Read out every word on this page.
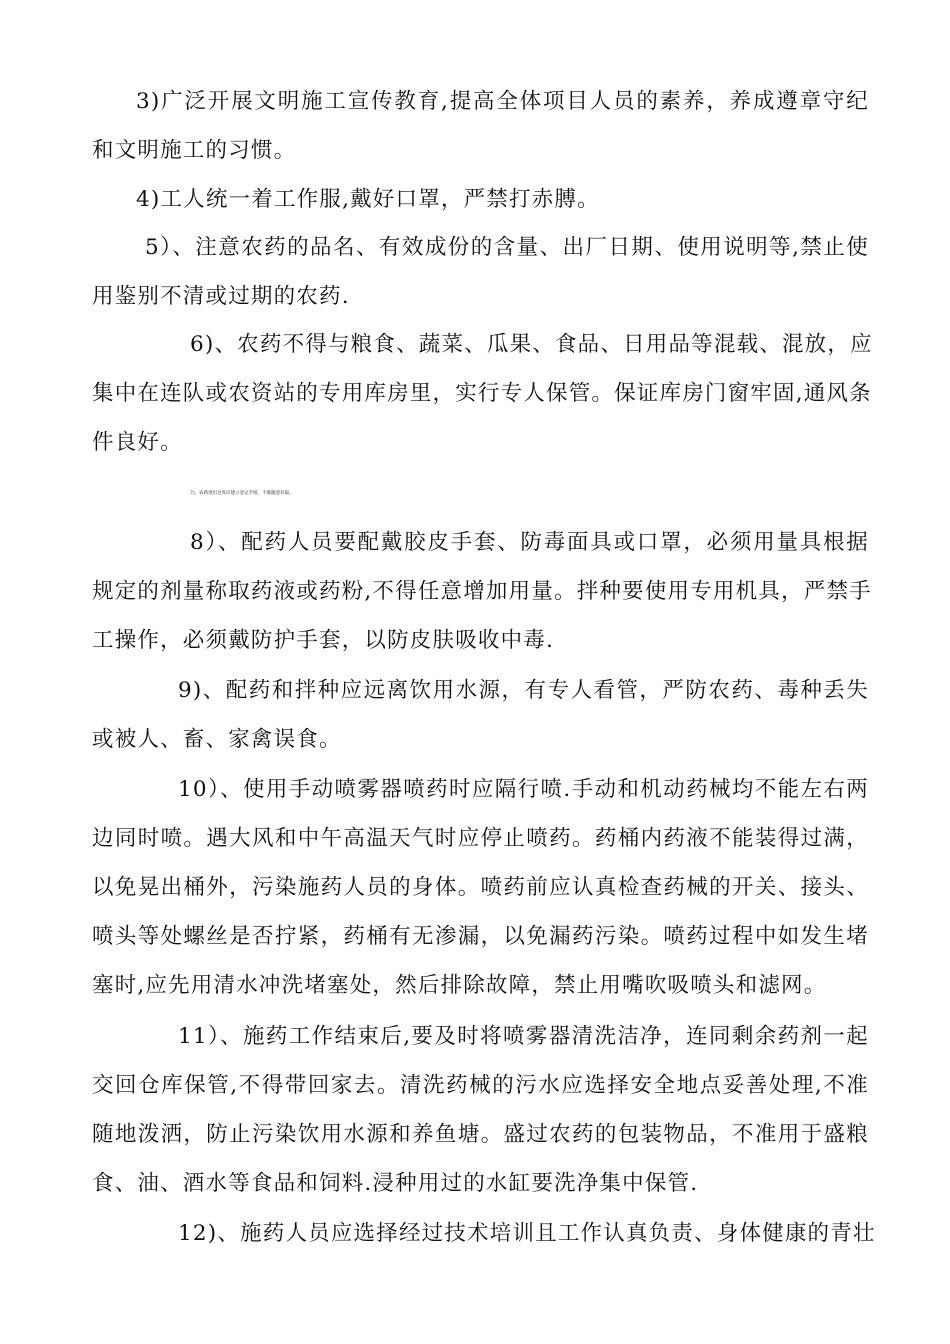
3)广泛开展文明施工宣传教育,提高全体项目人员的素养，养成遵章守纪
和文明施工的习惯。
4)工人统一着工作服,戴好口罩，严禁打赤膊。
5）、注意农药的品名、有效成份的含量、出厂日期、使用说明等,禁止使
用鉴别不清或过期的农药.
6)、农药不得与粮食、蔬菜、瓜果、食品、日用品等混载、混放，应
集中在连队或农资站的专用库房里，实行专人保管。保证库房门窗牢固,通风条
件良好。
7)、农药进出仓库应建立登记手续，不准随意存取。
8）、配药人员要配戴胶皮手套、防毒面具或口罩，必须用量具根据
规定的剂量称取药液或药粉,不得任意增加用量。拌种要使用专用机具，严禁手
工操作，必须戴防护手套，以防皮肤吸收中毒.
9)、配药和拌种应远离饮用水源，有专人看管，严防农药、毒种丢失
或被人、畜、家禽误食。
10）、使用手动喷雾器喷药时应隔行喷.手动和机动药械均不能左右两
边同时喷。遇大风和中午高温天气时应停止喷药。药桶内药液不能装得过满，
以免晃出桶外，污染施药人员的身体。喷药前应认真检查药械的开关、接头、
喷头等处螺丝是否拧紧，药桶有无渗漏，以免漏药污染。喷药过程中如发生堵
塞时,应先用清水冲洗堵塞处，然后排除故障，禁止用嘴吹吸喷头和滤网。
11）、施药工作结束后,要及时将喷雾器清洗洁净，连同剩余药剂一起
交回仓库保管,不得带回家去。清洗药械的污水应选择安全地点妥善处理,不准
随地泼洒，防止污染饮用水源和养鱼塘。盛过农药的包装物品，不准用于盛粮
食、油、酒水等食品和饲料.浸种用过的水缸要洗净集中保管.
12)、施药人员应选择经过技术培训且工作认真负责、身体健康的青壮
